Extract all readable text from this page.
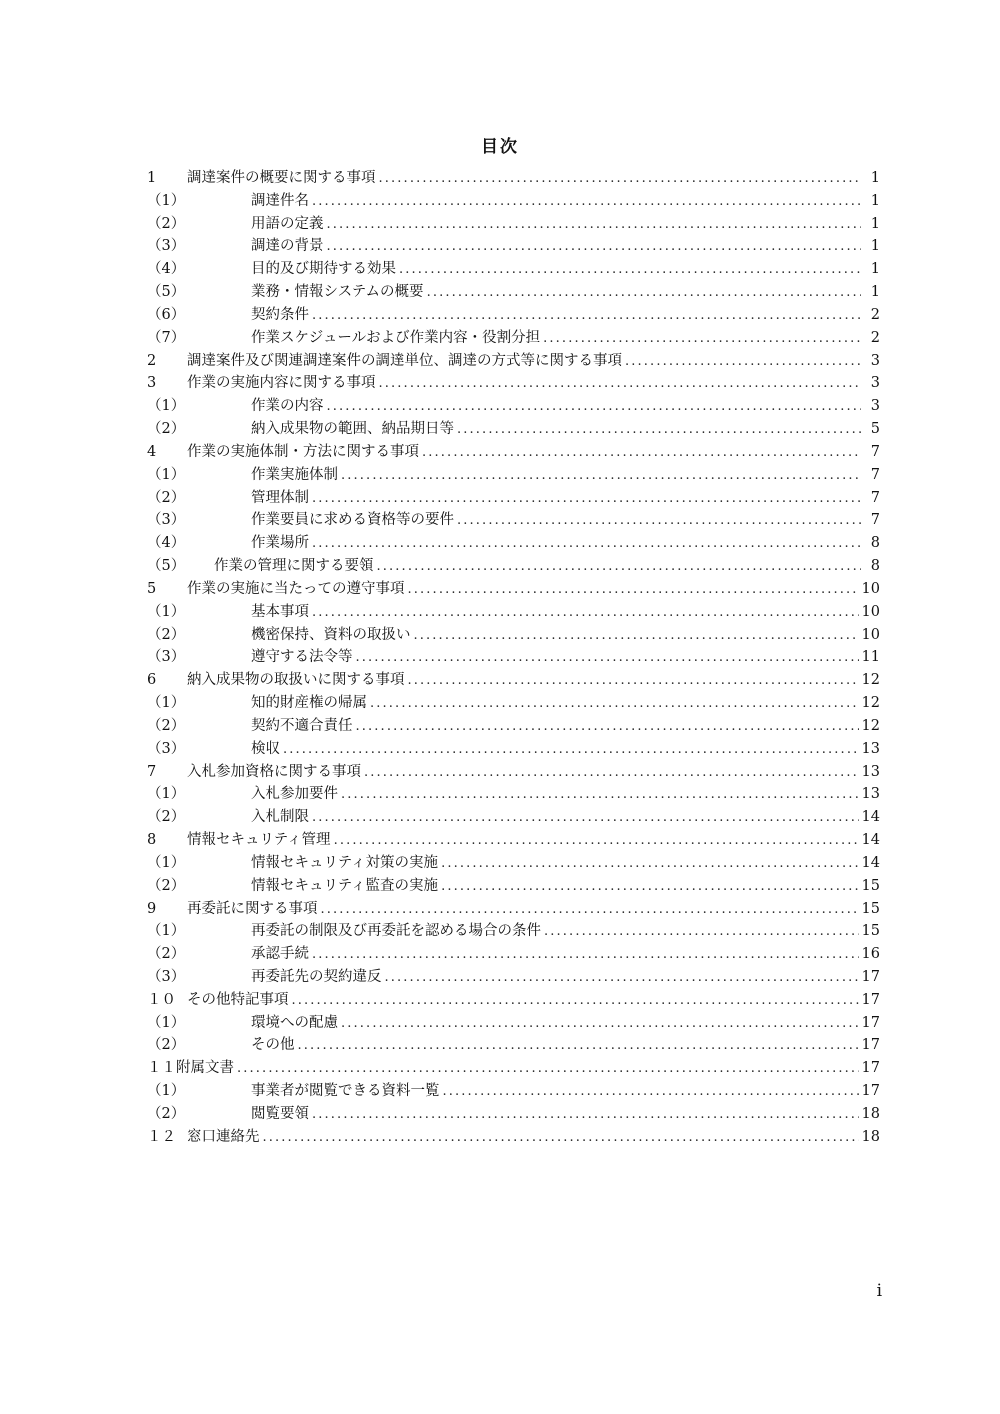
目次
1	調達案件の概要に関する事項 . . .	1
（1）	調達件名 . . .	1
（2）	用語の定義 . . .	1
（3）	調達の背景 . . .	1
（4）	目的及び期待する効果 . . .	1
（5）	業務・情報システムの概要 . . .	1
（6）	契約条件 . . .	2
（7）	作業スケジュールおよび作業内容・役割分担 . . .	2
2	調達案件及び関連調達案件の調達単位、調達の方式等に関する事項 . . .	3
3	作業の実施内容に関する事項 . . .	3
（1）	作業の内容 . . .	3
（2）	納入成果物の範囲、納品期日等 . . .	5
4	作業の実施体制・方法に関する事項 . . .	7
（1）	作業実施体制 . . .	7
（2）	管理体制 . . .	7
（3）	作業要員に求める資格等の要件 . . .	7
（4）	作業場所 . . .	8
（5）	作業の管理に関する要領 . . .	8
5	作業の実施に当たっての遵守事項 . . .	10
（1）	基本事項 . . .	10
（2）	機密保持、資料の取扱い . . .	10
（3）	遵守する法令等 . . .	11
6	納入成果物の取扱いに関する事項 . . .	12
（1）	知的財産権の帰属 . . .	12
（2）	契約不適合責任 . . .	12
（3）	検収 . . .	13
7	入札参加資格に関する事項 . . .	13
（1）	入札参加要件 . . .	13
（2）	入札制限 . . .	14
8	情報セキュリティ管理 . . .	14
（1）	情報セキュリティ対策の実施 . . .	14
（2）	情報セキュリティ監査の実施 . . .	15
9	再委託に関する事項 . . .	15
（1）	再委託の制限及び再委託を認める場合の条件 . . .	15
（2）	承認手続 . . .	16
（3）	再委託先の契約違反 . . .	17
１０ その他特記事項 . . .	17
（1）	環境への配慮 . . .	17
（2）	その他 . . .	17
１１ 附属文書 . . .	17
（1）	事業者が閲覧できる資料一覧 . . .	17
（2）	閲覧要領 . . .	18
１２ 窓口連絡先 . . .	18
i
